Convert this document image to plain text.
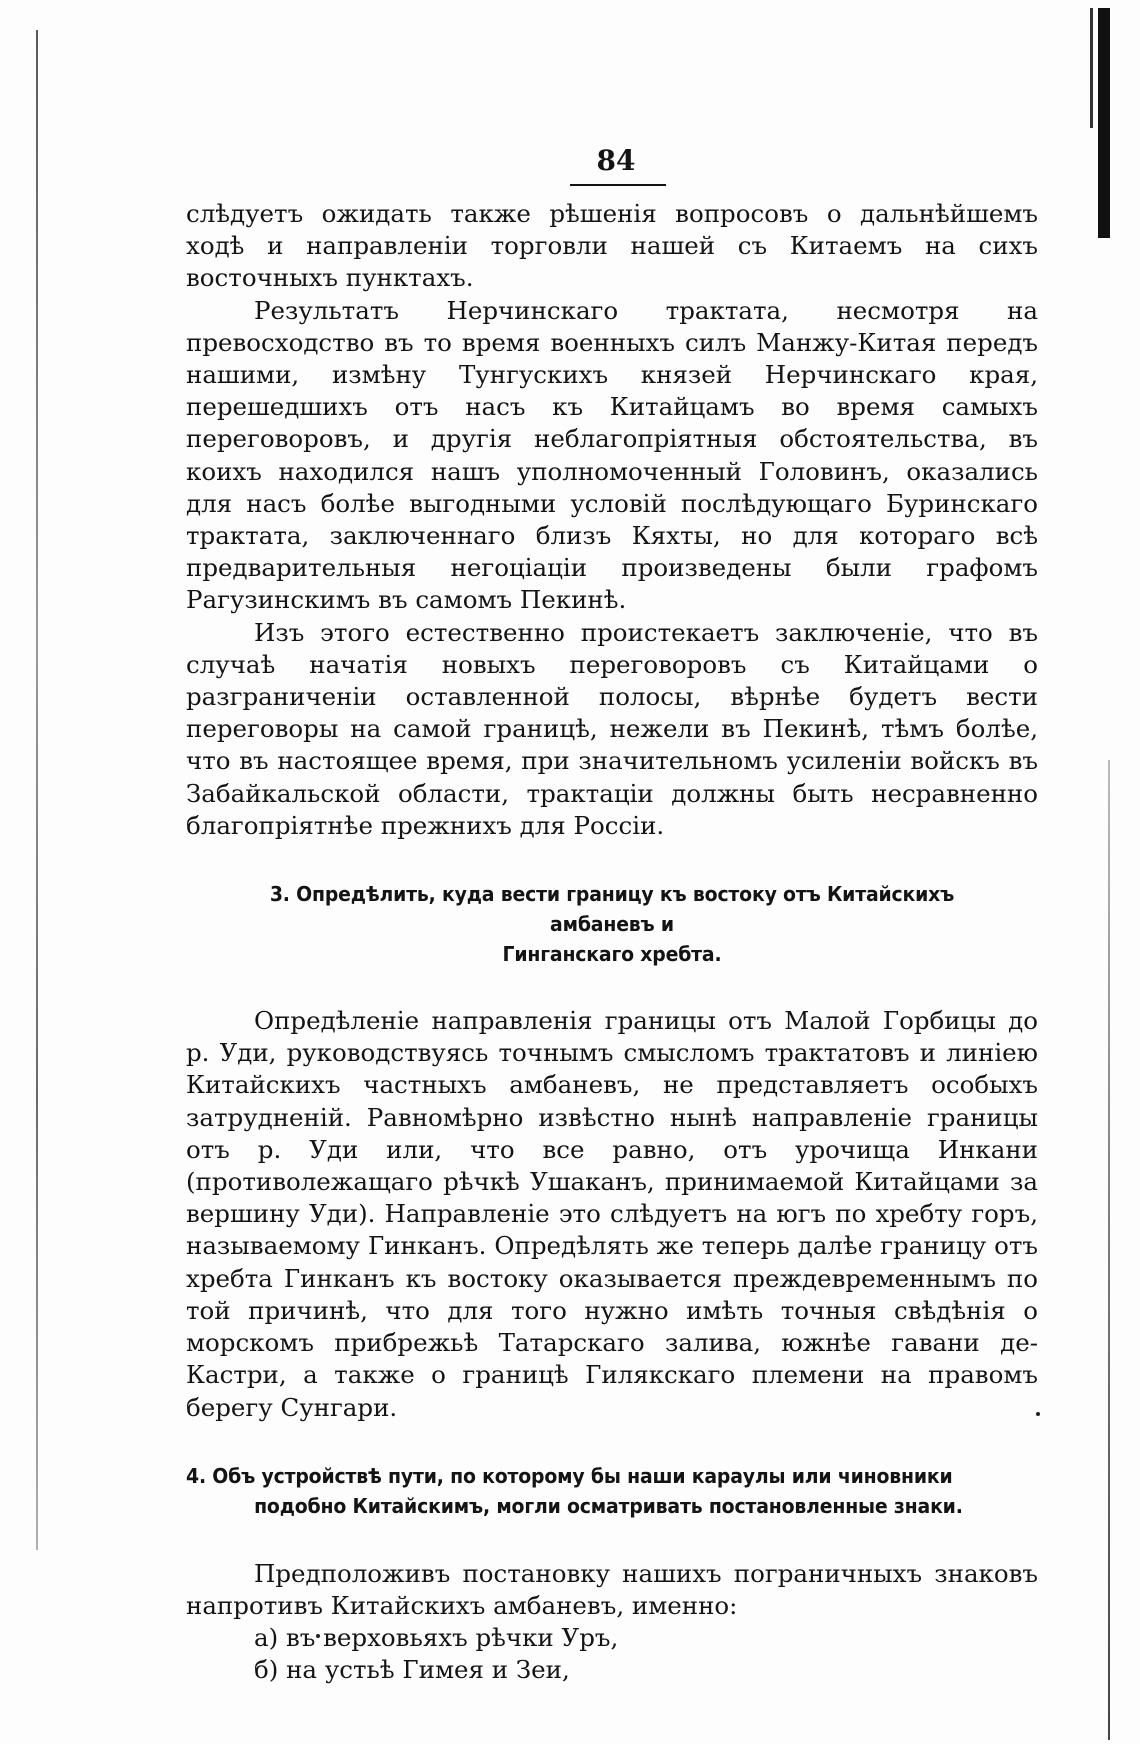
84

слѣдуетъ ожидать также рѣшенія вопросовъ о дальнѣйшемъ ходѣ и направленіи торговли нашей съ Китаемъ на сихъ восточныхъ пунктахъ.

Результатъ Нерчинскаго трактата, несмотря на превосходство въ то время военныхъ силъ Манжу-Китая передъ нашими, измѣну Тунгускихъ князей Нерчинскаго края, перешедшихъ отъ насъ къ Китайцамъ во время самыхъ переговоровъ, и другія неблагопріятныя обстоятельства, въ коихъ находился нашъ уполномоченный Головинъ, оказались для насъ болѣе выгодными условій послѣдующаго Буринскаго трактата, заключеннаго близъ Кяхты, но для котораго всѣ предварительныя негоціаціи произведены были графомъ Рагузинскимъ въ самомъ Пекинѣ.

Изъ этого естественно проистекаетъ заключеніе, что въ случаѣ начатія новыхъ переговоровъ съ Китайцами о разграниченіи оставленной полосы, вѣрнѣе будетъ вести переговоры на самой границѣ, нежели въ Пекинѣ, тѣмъ болѣе, что въ настоящее время, при значительномъ усиленіи войскъ въ Забайкальской области, трактаціи должны быть несравненно благопріятнѣе прежнихъ для Россіи.

3. Опредѣлить, куда вести границу къ востоку отъ Китайскихъ амбаневъ и
Гинганскаго хребта.

Опредѣленіе направленія границы отъ Малой Горбицы до р. Уди, руководствуясь точнымъ смысломъ трактатовъ и линіею Китайскихъ частныхъ амбаневъ, не представляетъ особыхъ затрудненій. Равномѣрно извѣстно нынѣ направленіе границы отъ р. Уди или, что все равно, отъ урочища Инкани (противолежащаго рѣчкѣ Ушаканъ, принимаемой Китайцами за вершину Уди). Направленіе это слѣдуетъ на югъ по хребту горъ, называемому Гинканъ. Опредѣлять же теперь далѣе границу отъ хребта Гинканъ къ востоку оказывается преждевременнымъ по той причинѣ, что для того нужно имѣть точныя свѣдѣнія о морскомъ прибрежьѣ Татарскаго залива, южнѣе гавани де-Кастри, а также о границѣ Гилякскаго племени на правомъ берегу Сунгари.

4. Объ устройствѣ пути, по которому бы наши караулы или чиновники
подобно Китайскимъ, могли осматривать постановленные знаки.

Предположивъ постановку нашихъ пограничныхъ знаковъ напротивъ Китайскихъ амбаневъ, именно:

а) въ верховьяхъ рѣчки Уръ,

б) на устьѣ Гимея и Зеи,
